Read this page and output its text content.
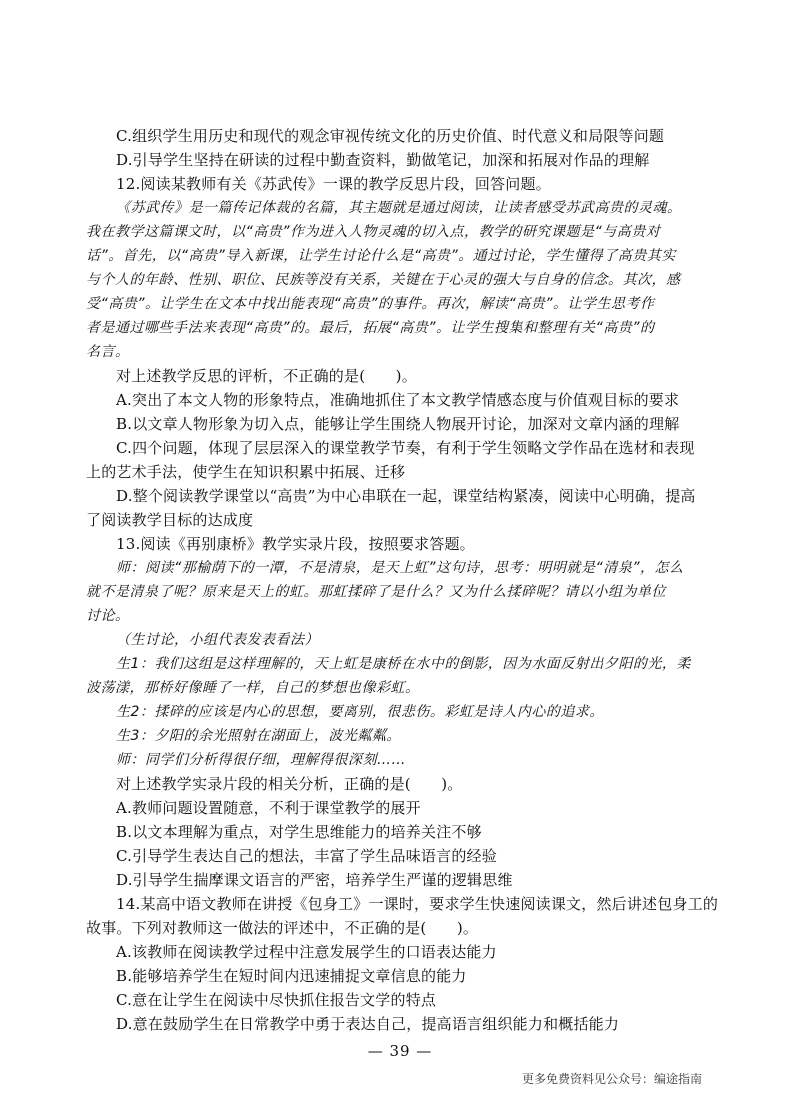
C.组织学生用历史和现代的观念审视传统文化的历史价值、时代意义和局限等问题
D.引导学生坚持在研读的过程中勤查资料，勤做笔记，加深和拓展对作品的理解
12.阅读某教师有关《苏武传》一课的教学反思片段，回答问题。
《苏武传》是一篇传记体裁的名篇，其主题就是通过阅读，让读者感受苏武高贵的灵魂。
我在教学这篇课文时，以“高贵”作为进入人物灵魂的切入点，教学的研究课题是“与高贵对
话”。首先，以“高贵”导入新课，让学生讨论什么是“高贵”。通过讨论，学生懂得了高贵其实
与个人的年龄、性别、职位、民族等没有关系，关键在于心灵的强大与自身的信念。其次，感
受“高贵”。让学生在文本中找出能表现“高贵”的事件。再次，解读“高贵”。让学生思考作
者是通过哪些手法来表现“高贵”的。最后，拓展“高贵”。让学生搜集和整理有关“高贵”的
名言。
对上述教学反思的评析，不正确的是(　　)。
A.突出了本文人物的形象特点，准确地抓住了本文教学情感态度与价值观目标的要求
B.以文章人物形象为切入点，能够让学生围绕人物展开讨论，加深对文章内涵的理解
C.四个问题，体现了层层深入的课堂教学节奏，有利于学生领略文学作品在选材和表现
上的艺术手法，使学生在知识积累中拓展、迁移
D.整个阅读教学课堂以“高贵”为中心串联在一起，课堂结构紧凑，阅读中心明确，提高
了阅读教学目标的达成度
13.阅读《再别康桥》教学实录片段，按照要求答题。
师：阅读“那榆荫下的一潭，不是清泉，是天上虹”这句诗，思考：明明就是“清泉”，怎么
就不是清泉了呢？原来是天上的虹。那虹揉碎了是什么？又为什么揉碎呢？请以小组为单位
讨论。
（生讨论，小组代表发表看法）
生1：我们这组是这样理解的，天上虹是康桥在水中的倒影，因为水面反射出夕阳的光，柔
波荡漾，那桥好像睡了一样，自己的梦想也像彩虹。
生2：揉碎的应该是内心的思想，要离别，很悲伤。彩虹是诗人内心的追求。
生3：夕阳的余光照射在湖面上，波光粼粼。
师：同学们分析得很仔细，理解得很深刻……
对上述教学实录片段的相关分析，正确的是(　　)。
A.教师问题设置随意，不利于课堂教学的展开
B.以文本理解为重点，对学生思维能力的培养关注不够
C.引导学生表达自己的想法，丰富了学生品味语言的经验
D.引导学生揣摩课文语言的严密，培养学生严谨的逻辑思维
14.某高中语文教师在讲授《包身工》一课时，要求学生快速阅读课文，然后讲述包身工的
故事。下列对教师这一做法的评述中，不正确的是(　　)。
A.该教师在阅读教学过程中注意发展学生的口语表达能力
B.能够培养学生在短时间内迅速捕捉文章信息的能力
C.意在让学生在阅读中尽快抓住报告文学的特点
D.意在鼓励学生在日常教学中勇于表达自己，提高语言组织能力和概括能力
— 39 —
更多免费资料见公众号：编途指南
